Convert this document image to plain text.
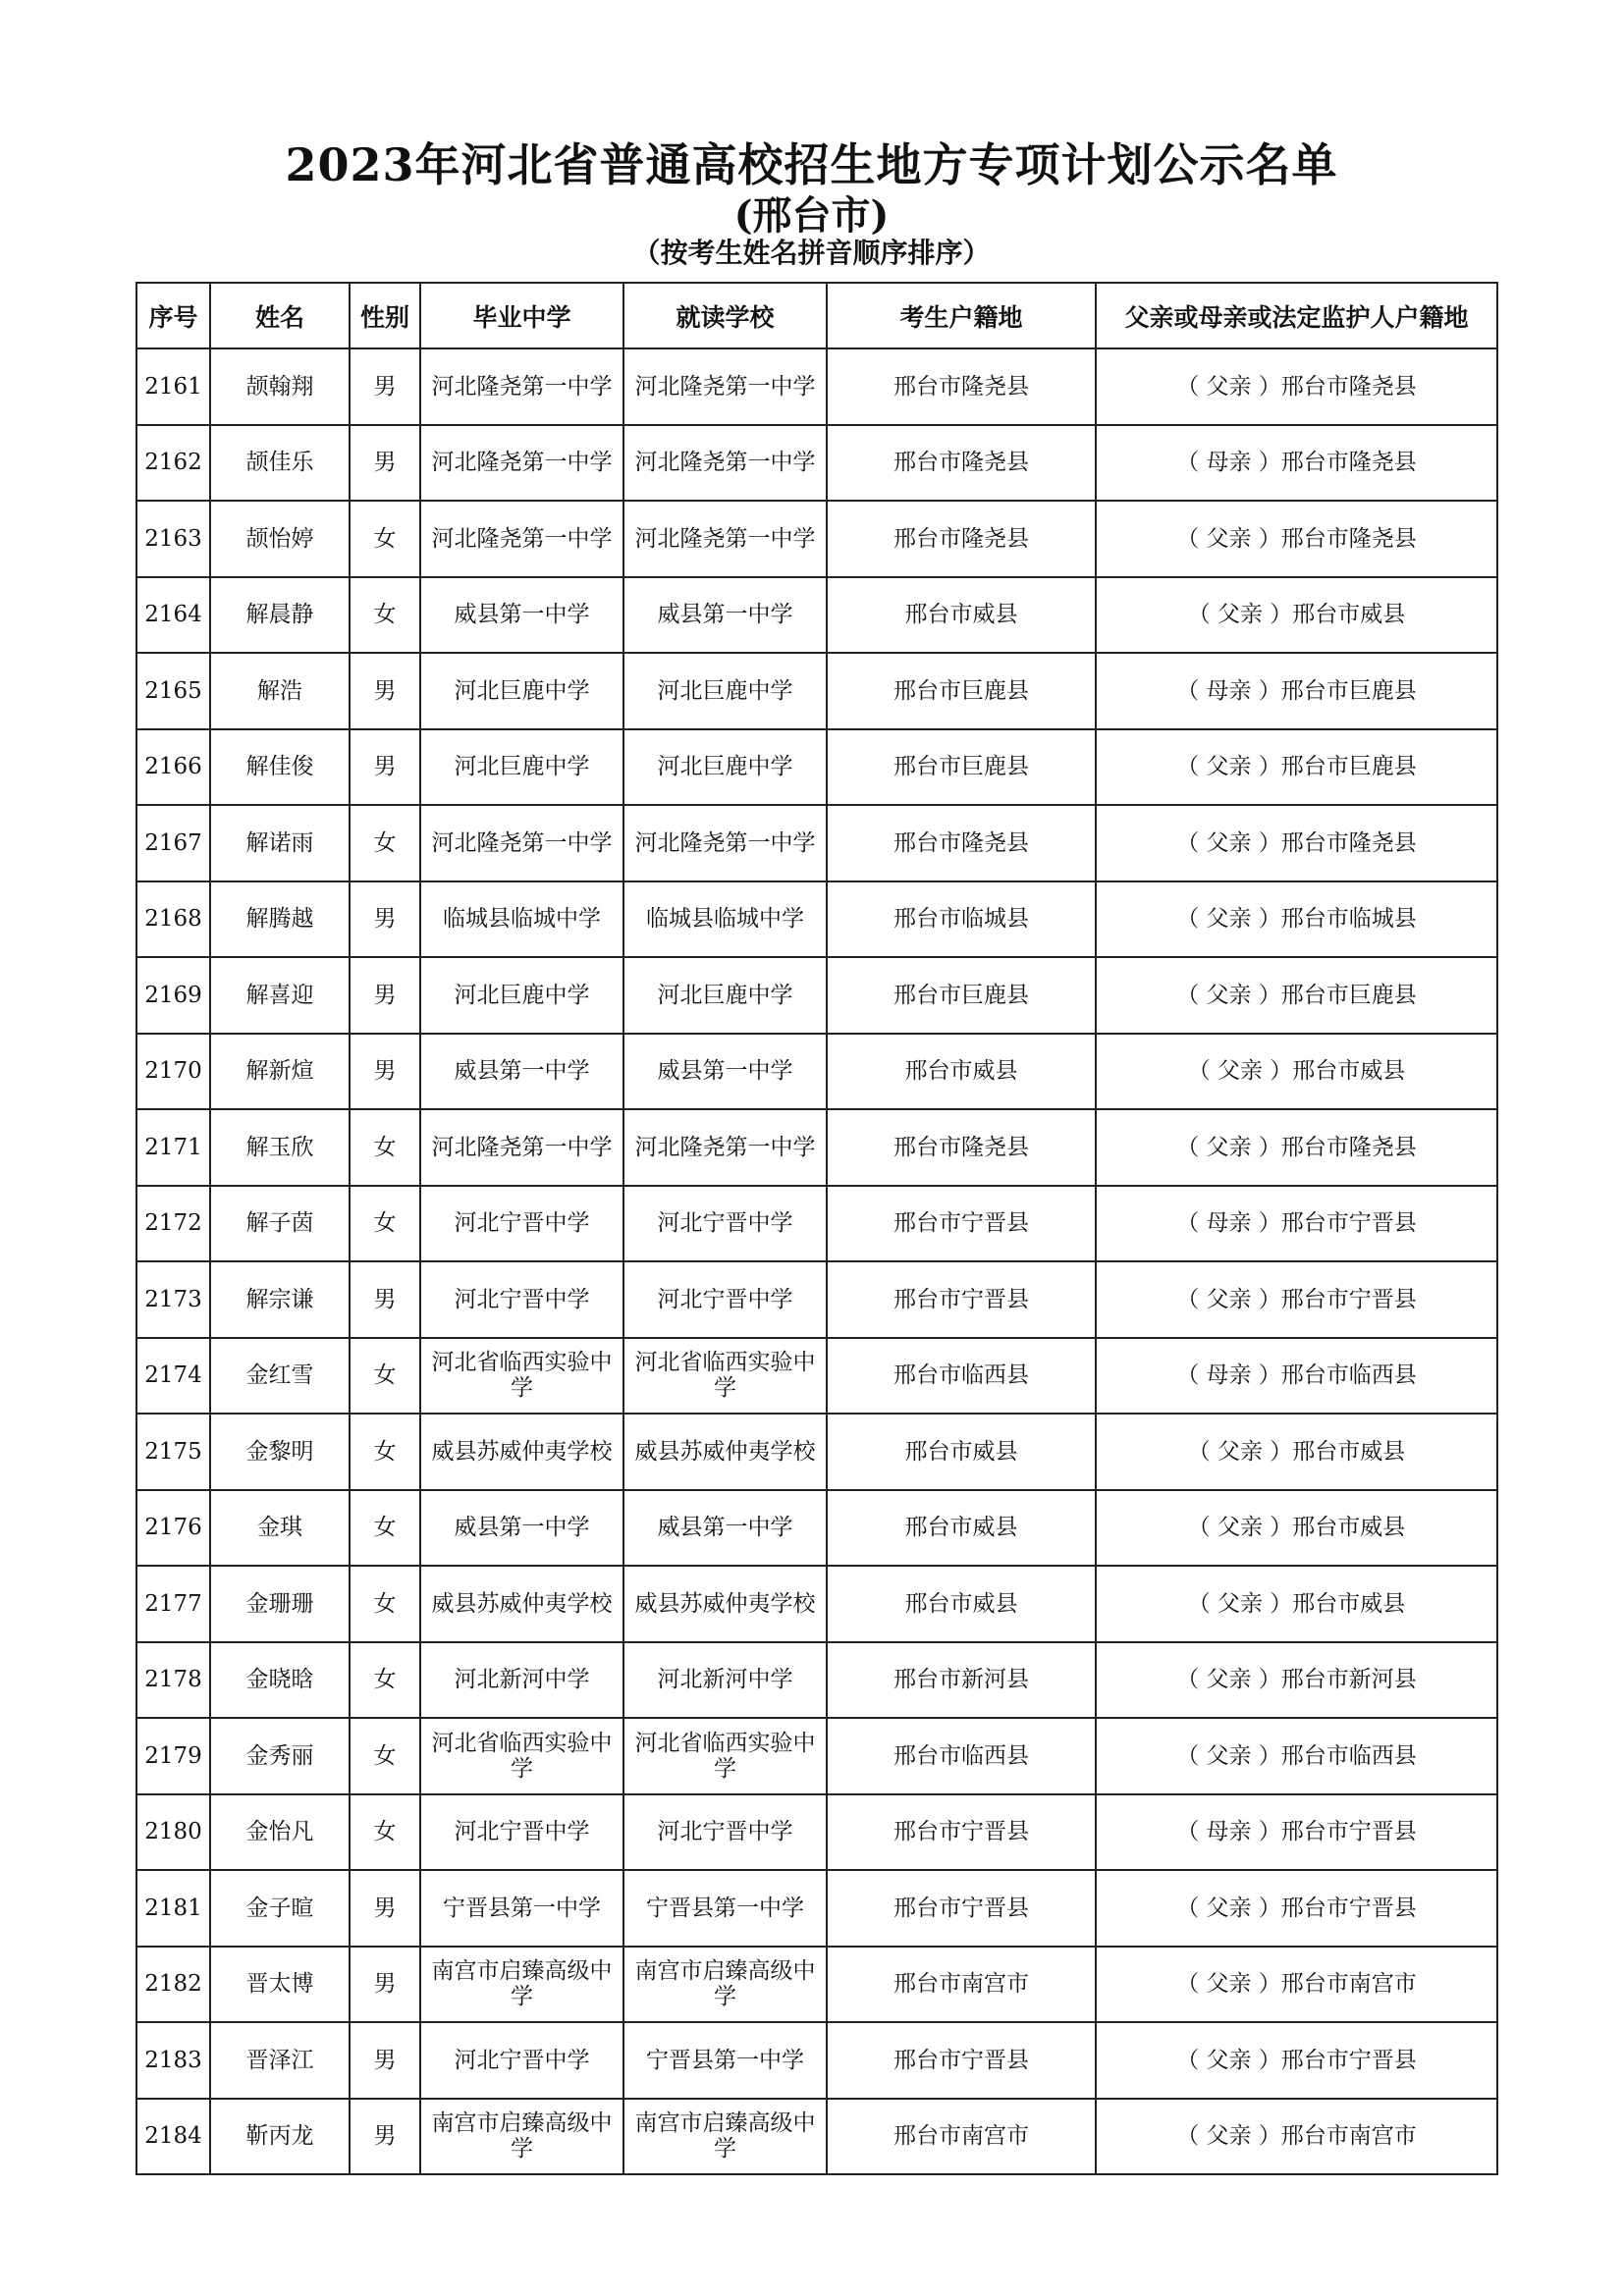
2023年河北省普通高校招生地方专项计划公示名单
(邢台市)
（按考生姓名拼音顺序排序）
序号	姓名	性别	毕业中学	就读学校	考生户籍地	父亲或母亲或法定监护人户籍地
2161	颉翰翔	男	河北隆尧第一中学	河北隆尧第一中学	邢台市隆尧县	（ 父亲 ）邢台市隆尧县
2162	颉佳乐	男	河北隆尧第一中学	河北隆尧第一中学	邢台市隆尧县	（ 母亲 ）邢台市隆尧县
2163	颉怡婷	女	河北隆尧第一中学	河北隆尧第一中学	邢台市隆尧县	（ 父亲 ）邢台市隆尧县
2164	解晨静	女	威县第一中学	威县第一中学	邢台市威县	（ 父亲 ）邢台市威县
2165	解浩	男	河北巨鹿中学	河北巨鹿中学	邢台市巨鹿县	（ 母亲 ）邢台市巨鹿县
2166	解佳俊	男	河北巨鹿中学	河北巨鹿中学	邢台市巨鹿县	（ 父亲 ）邢台市巨鹿县
2167	解诺雨	女	河北隆尧第一中学	河北隆尧第一中学	邢台市隆尧县	（ 父亲 ）邢台市隆尧县
2168	解腾越	男	临城县临城中学	临城县临城中学	邢台市临城县	（ 父亲 ）邢台市临城县
2169	解喜迎	男	河北巨鹿中学	河北巨鹿中学	邢台市巨鹿县	（ 父亲 ）邢台市巨鹿县
2170	解新煊	男	威县第一中学	威县第一中学	邢台市威县	（ 父亲 ）邢台市威县
2171	解玉欣	女	河北隆尧第一中学	河北隆尧第一中学	邢台市隆尧县	（ 父亲 ）邢台市隆尧县
2172	解子茵	女	河北宁晋中学	河北宁晋中学	邢台市宁晋县	（ 母亲 ）邢台市宁晋县
2173	解宗谦	男	河北宁晋中学	河北宁晋中学	邢台市宁晋县	（ 父亲 ）邢台市宁晋县
2174	金红雪	女	河北省临西实验中学	河北省临西实验中学	邢台市临西县	（ 母亲 ）邢台市临西县
2175	金黎明	女	威县苏威仲夷学校	威县苏威仲夷学校	邢台市威县	（ 父亲 ）邢台市威县
2176	金琪	女	威县第一中学	威县第一中学	邢台市威县	（ 父亲 ）邢台市威县
2177	金珊珊	女	威县苏威仲夷学校	威县苏威仲夷学校	邢台市威县	（ 父亲 ）邢台市威县
2178	金晓晗	女	河北新河中学	河北新河中学	邢台市新河县	（ 父亲 ）邢台市新河县
2179	金秀丽	女	河北省临西实验中学	河北省临西实验中学	邢台市临西县	（ 父亲 ）邢台市临西县
2180	金怡凡	女	河北宁晋中学	河北宁晋中学	邢台市宁晋县	（ 母亲 ）邢台市宁晋县
2181	金子暄	男	宁晋县第一中学	宁晋县第一中学	邢台市宁晋县	（ 父亲 ）邢台市宁晋县
2182	晋太博	男	南宫市启臻高级中学	南宫市启臻高级中学	邢台市南宫市	（ 父亲 ）邢台市南宫市
2183	晋泽江	男	河北宁晋中学	宁晋县第一中学	邢台市宁晋县	（ 父亲 ）邢台市宁晋县
2184	靳丙龙	男	南宫市启臻高级中学	南宫市启臻高级中学	邢台市南宫市	（ 父亲 ）邢台市南宫市
